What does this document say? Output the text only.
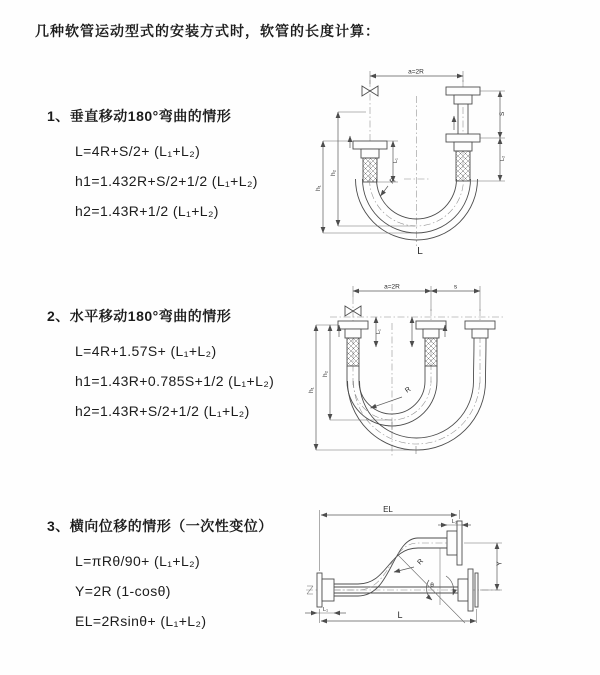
几种软管运动型式的安装方式时，软管的长度计算：
1、垂直移动180°弯曲的情形
L=4R+S/2+ (L₁+L₂)
h1=1.432R+S/2+1/2 (L₁+L₂)
h2=1.43R+1/2 (L₁+L₂)
a=2R
R
h₁
h₂
L₁
S
L₂
L
2、水平移动180°弯曲的情形
L=4R+1.57S+ (L₁+L₂)
h1=1.43R+0.785S+1/2 (L₁+L₂)
h2=1.43R+S/2+1/2 (L₁+L₂)
a=2R	s
R
h₁
h₂
L₁
3、横向位移的情形（一次性变位）
L=πRθ/90+ (L₁+L₂)
Y=2R (1-cosθ)
EL=2Rsinθ+ (L₁+L₂)
EL
L₂
Y
L
L₁
R
θ
